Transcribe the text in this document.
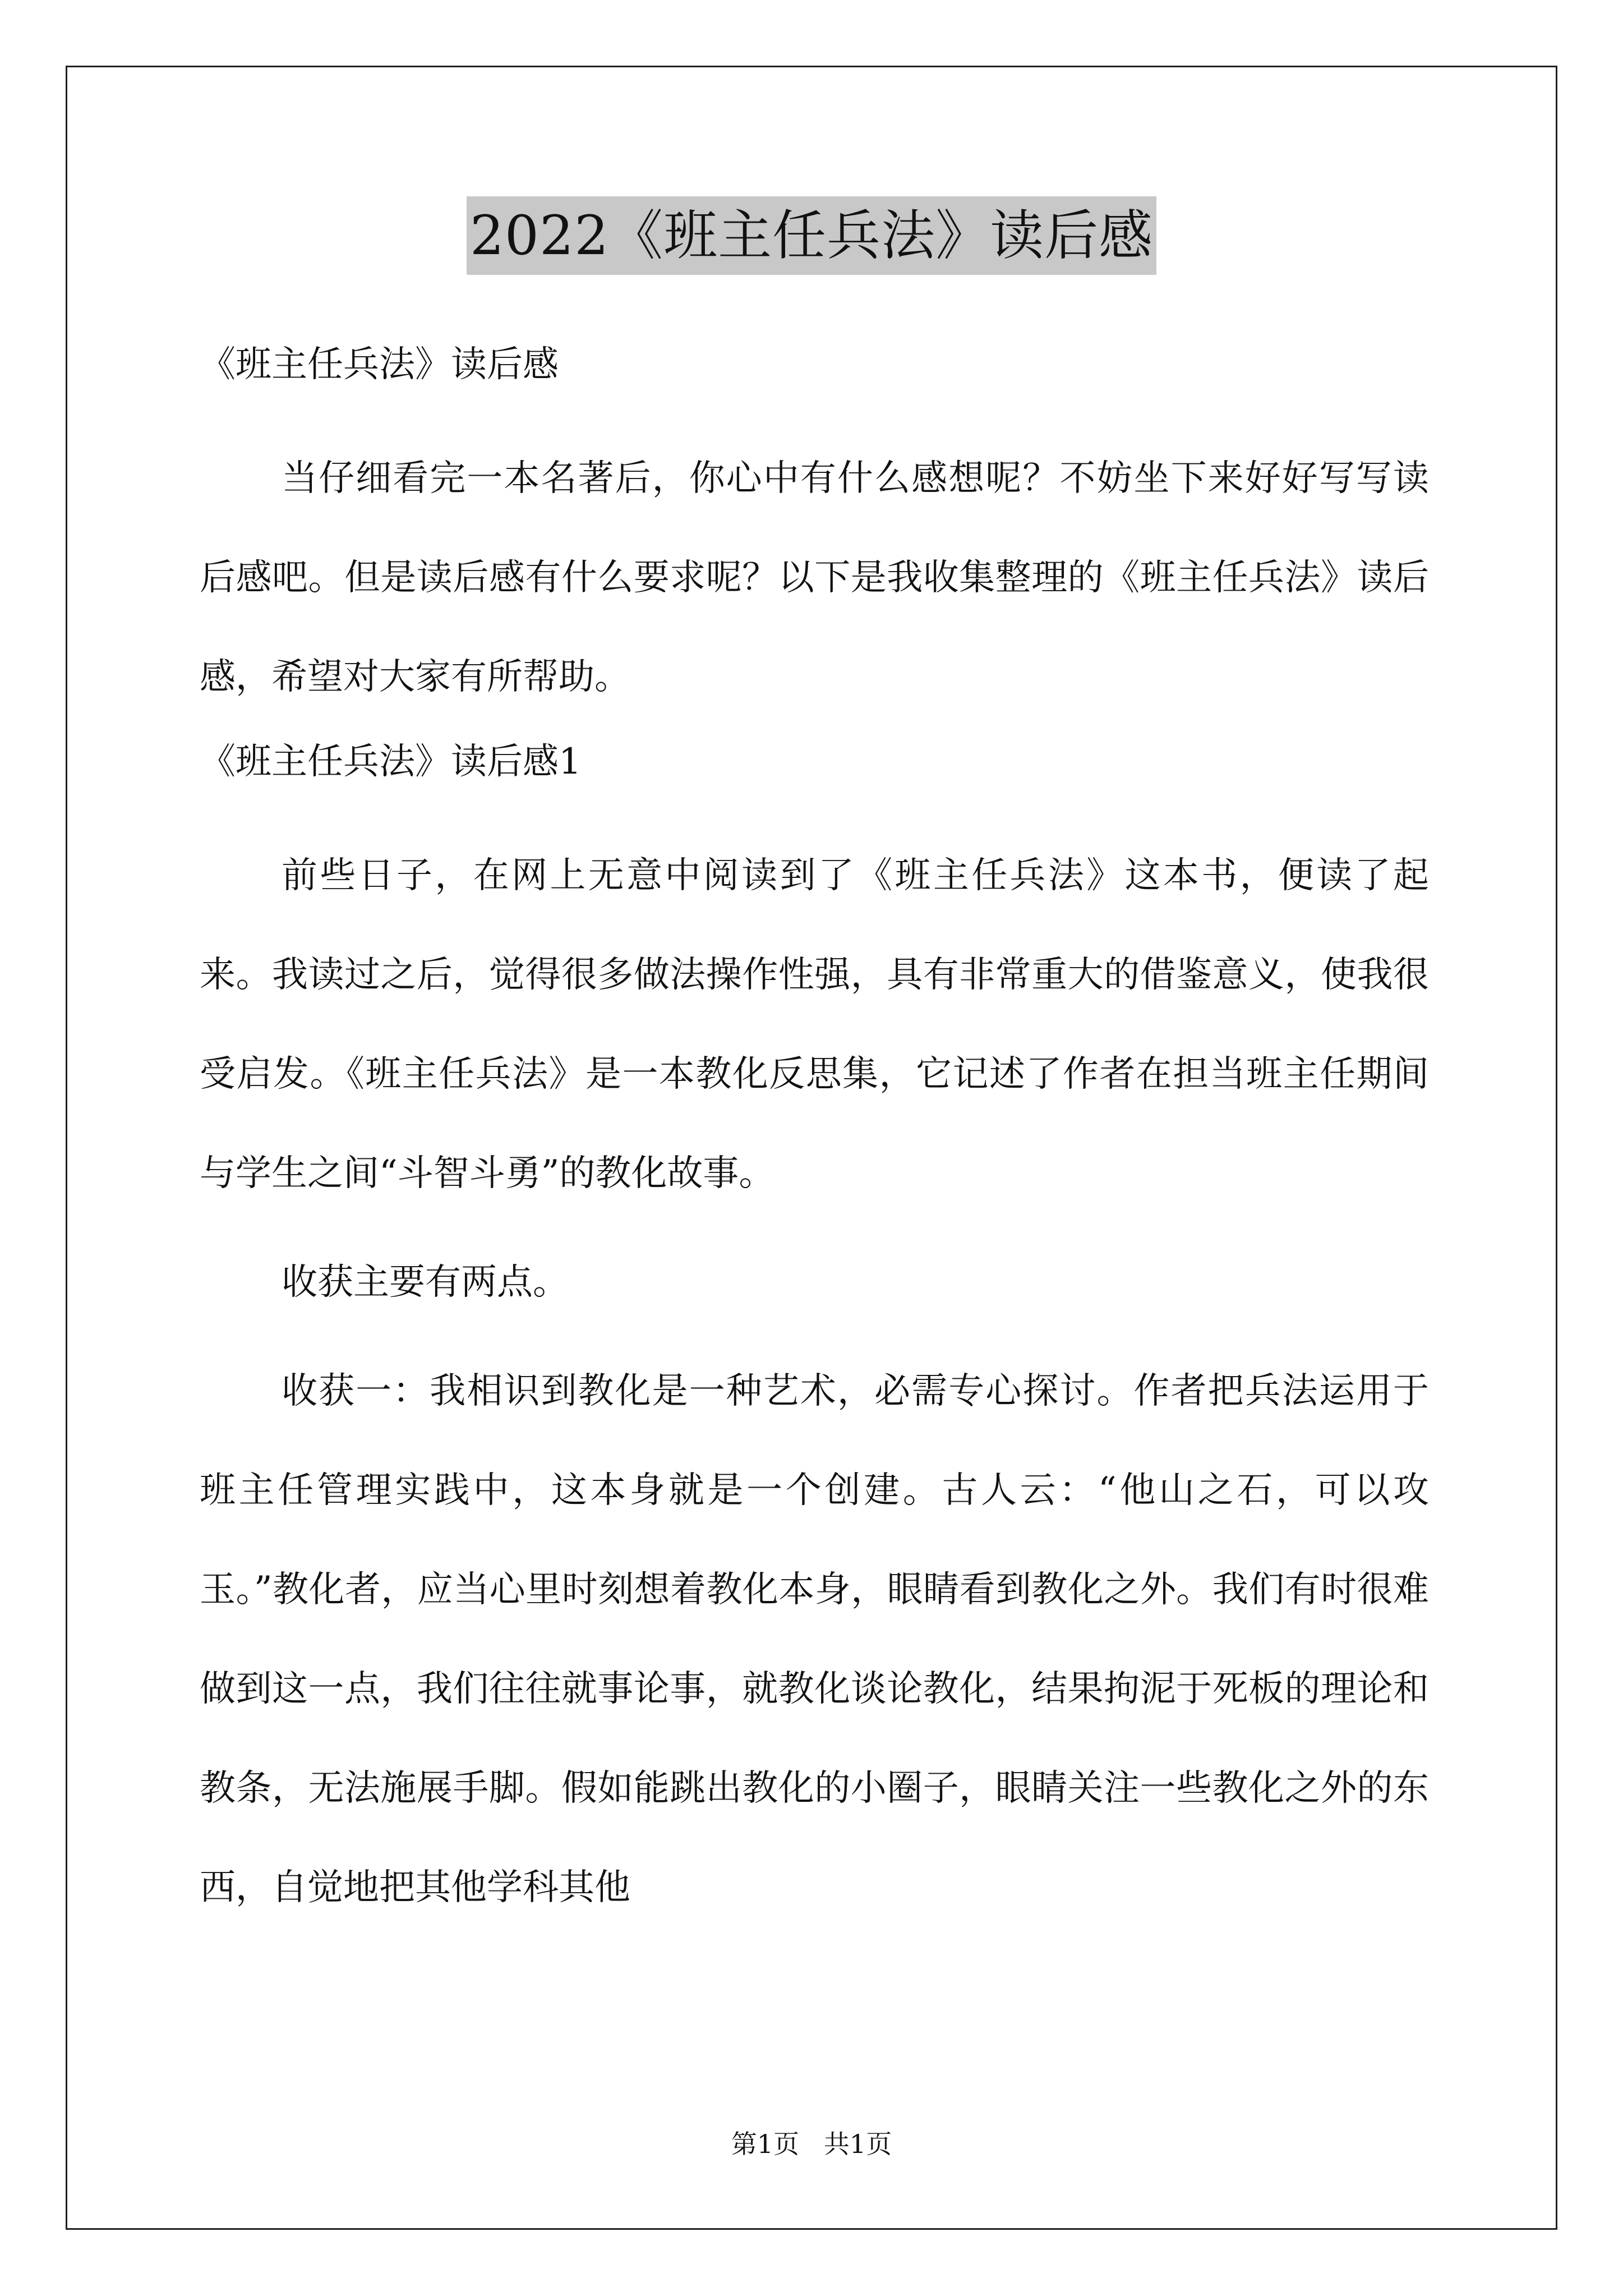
2022《班主任兵法》读后感
《班主任兵法》读后感

当仔细看完一本名著后，你心中有什么感想呢？不妨坐下来好好写写读后感吧。但是读后感有什么要求呢？以下是我收集整理的《班主任兵法》读后感，希望对大家有所帮助。

《班主任兵法》读后感1

前些日子，在网上无意中阅读到了《班主任兵法》这本书，便读了起来。我读过之后，觉得很多做法操作性强，具有非常重大的借鉴意义，使我很受启发。《班主任兵法》是一本教化反思集，它记述了作者在担当班主任期间与学生之间“斗智斗勇”的教化故事。

收获主要有两点。

收获一：我相识到教化是一种艺术，必需专心探讨。作者把兵法运用于班主任管理实践中，这本身就是一个创建。古人云：“他山之石，可以攻玉。”教化者，应当心里时刻想着教化本身，眼睛看到教化之外。我们有时很难做到这一点，我们往往就事论事，就教化谈论教化，结果拘泥于死板的理论和教条，无法施展手脚。假如能跳出教化的小圈子，眼睛关注一些教化之外的东西，自觉地把其他学科其他

第1页   共1页
